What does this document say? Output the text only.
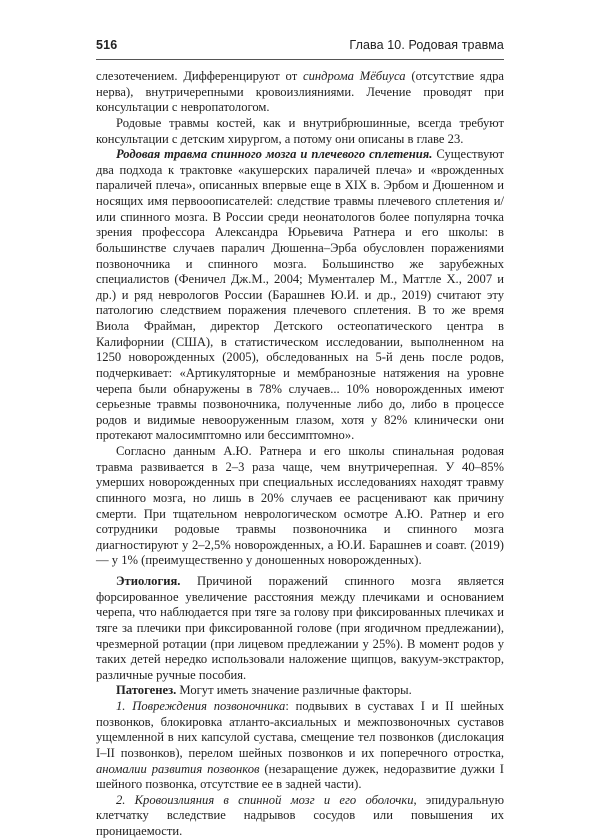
516	Глава 10. Родовая травма

слезотечением. Дифференцируют от синдрома Мёбиуса (отсутствие ядра нерва), внутричерепными кровоизлияниями. Лечение проводят при консультации с невропатологом.

Родовые травмы костей, как и внутрибрюшинные, всегда требуют консультации с детским хирургом, а потому они описаны в главе 23.

Родовая травма спинного мозга и плечевого сплетения. Существуют два подхода к трактовке «акушерских параличей плеча» и «врожденных параличей плеча», описанных впервые еще в XIX в. Эрбом и Дюшенном и носящих имя первооописателей: следствие травмы плечевого сплетения и/или спинного мозга. В России среди неонатологов более популярна точка зрения профессора Александра Юрьевича Ратнера и его школы: в большинстве случаев паралич Дюшенна–Эрба обусловлен поражениями позвоночника и спинного мозга. Большинство же зарубежных специалистов (Феничел Дж.М., 2004; Мументалер М., Маттле Х., 2007 и др.) и ряд неврологов России (Барашнев Ю.И. и др., 2019) считают эту патологию следствием поражения плечевого сплетения. В то же время Виола Фрайман, директор Детского остеопатического центра в Калифорнии (США), в статистическом исследовании, выполненном на 1250 новорожденных (2005), обследованных на 5-й день после родов, подчеркивает: «Артикуляторные и мембранозные натяжения на уровне черепа были обнаружены в 78% случаев... 10% новорожденных имеют серьезные травмы позвоночника, полученные либо до, либо в процессе родов и видимые невооруженным глазом, хотя у 82% клинически они протекают малосимптомно или бессимптомно».

Согласно данным А.Ю. Ратнера и его школы спинальная родовая травма развивается в 2–3 раза чаще, чем внутричерепная. У 40–85% умерших новорожденных при специальных исследованиях находят травму спинного мозга, но лишь в 20% случаев ее расценивают как причину смерти. При тщательном неврологическом осмотре А.Ю. Ратнер и его сотрудники родовые травмы позвоночника и спинного мозга диагностируют у 2–2,5% новорожденных, а Ю.И. Барашнев и соавт. (2019) — у 1% (преимущественно у доношенных новорожденных).

Этиология. Причиной поражений спинного мозга является форсированное увеличение расстояния между плечиками и основанием черепа, что наблюдается при тяге за голову при фиксированных плечиках и тяге за плечики при фиксированной голове (при ягодичном предлежании), чрезмерной ротации (при лицевом предлежании у 25%). В момент родов у таких детей нередко использовали наложение щипцов, вакуум-экстрактор, различные ручные пособия.

Патогенез. Могут иметь значение различные факторы.

1. Повреждения позвоночника: подвывих в суставах I и II шейных позвонков, блокировка атланто-аксиальных и межпозвоночных суставов ущемленной в них капсулой сустава, смещение тел позвонков (дислокация I–II позвонков), перелом шейных позвонков и их поперечного отростка, аномалии развития позвонков (незаращение дужек, недоразвитие дужки I шейного позвонка, отсутствие ее в задней части).

2. Кровоизлияния в спинной мозг и его оболочки, эпидуральную клетчатку вследствие надрывов сосудов или повышения их проницаемости.
